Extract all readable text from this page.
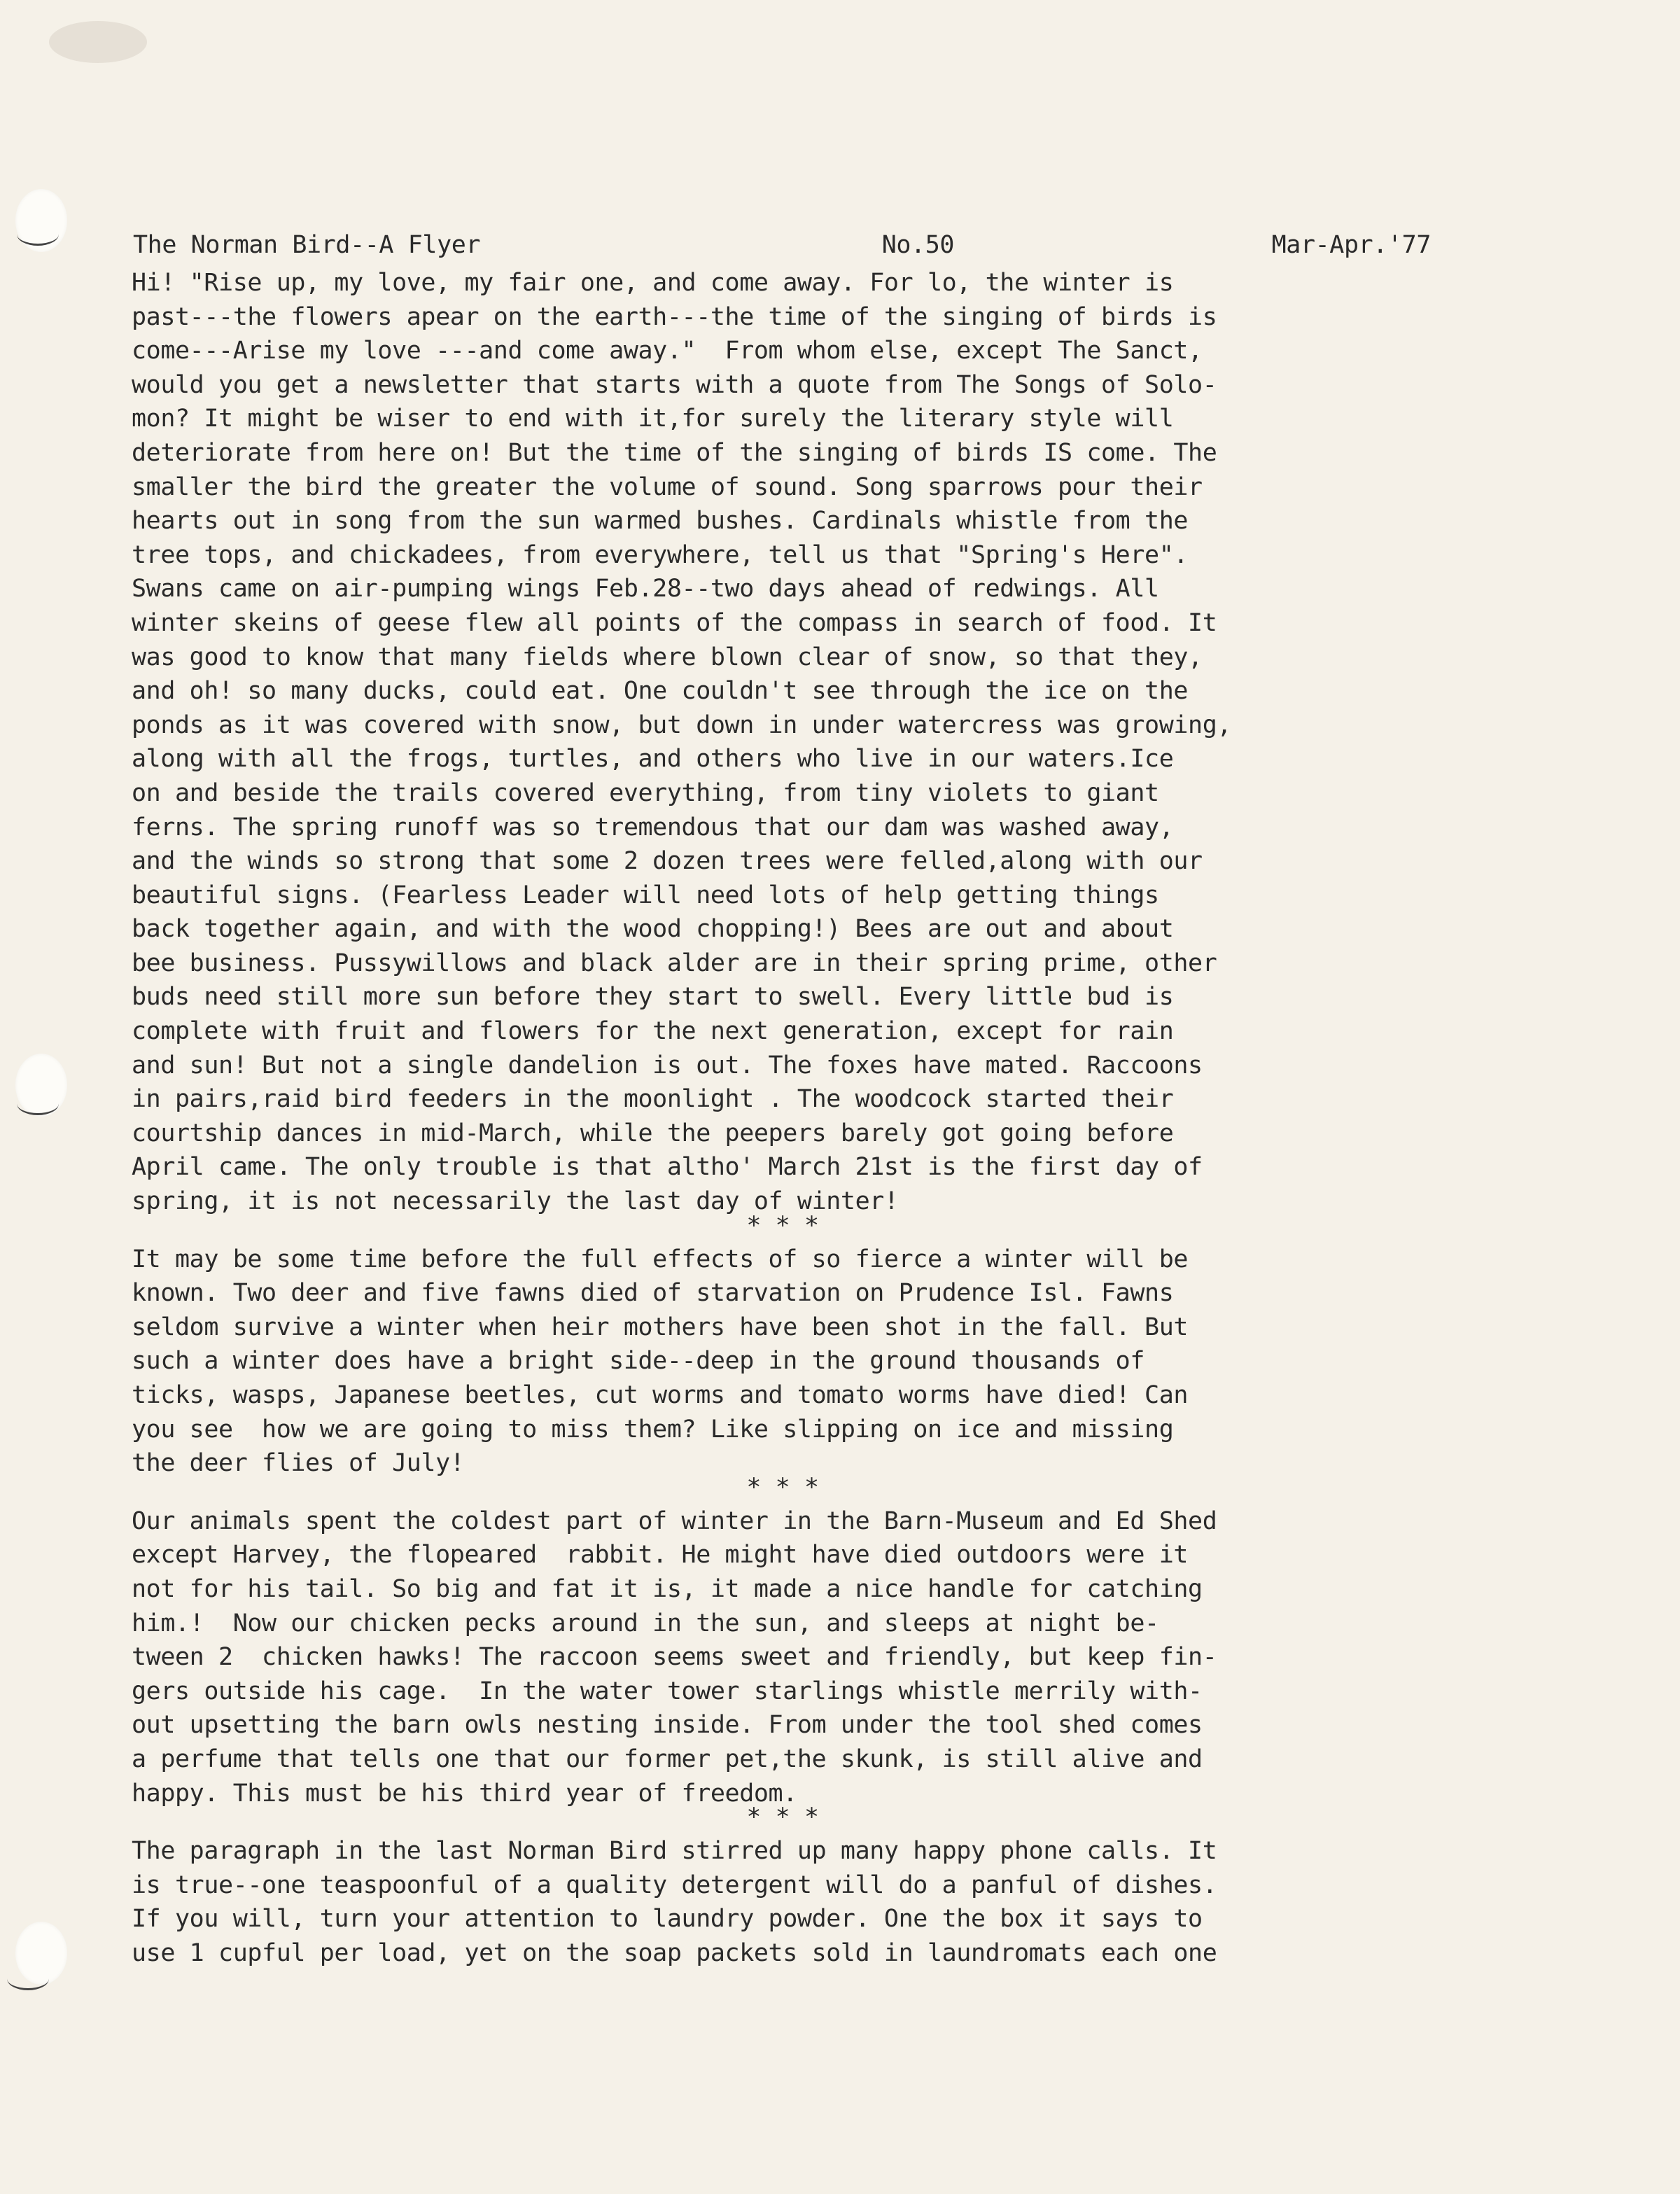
The Norman Bird--A Flyer	No.50	Mar-Apr.'77
Hi! "Rise up, my love, my fair one, and come away. For lo, the winter is
past---the flowers apear on the earth---the time of the singing of birds is
come---Arise my love ---and come away."  From whom else, except The Sanct,
would you get a newsletter that starts with a quote from The Songs of Solo-
mon? It might be wiser to end with it,for surely the literary style will
deteriorate from here on! But the time of the singing of birds IS come. The
smaller the bird the greater the volume of sound. Song sparrows pour their
hearts out in song from the sun warmed bushes. Cardinals whistle from the
tree tops, and chickadees, from everywhere, tell us that "Spring's Here".
Swans came on air-pumping wings Feb.28--two days ahead of redwings. All
winter skeins of geese flew all points of the compass in search of food. It
was good to know that many fields where blown clear of snow, so that they,
and oh! so many ducks, could eat. One couldn't see through the ice on the
ponds as it was covered with snow, but down in under watercress was growing,
along with all the frogs, turtles, and others who live in our waters.Ice
on and beside the trails covered everything, from tiny violets to giant
ferns. The spring runoff was so tremendous that our dam was washed away,
and the winds so strong that some 2 dozen trees were felled,along with our
beautiful signs. (Fearless Leader will need lots of help getting things
back together again, and with the wood chopping!) Bees are out and about
bee business. Pussywillows and black alder are in their spring prime, other
buds need still more sun before they start to swell. Every little bud is
complete with fruit and flowers for the next generation, except for rain
and sun! But not a single dandelion is out. The foxes have mated. Raccoons
in pairs,raid bird feeders in the moonlight . The woodcock started their
courtship dances in mid-March, while the peepers barely got going before
April came. The only trouble is that altho' March 21st is the first day of
spring, it is not necessarily the last day of winter!
* * *
It may be some time before the full effects of so fierce a winter will be
known. Two deer and five fawns died of starvation on Prudence Isl. Fawns
seldom survive a winter when heir mothers have been shot in the fall. But
such a winter does have a bright side--deep in the ground thousands of
ticks, wasps, Japanese beetles, cut worms and tomato worms have died! Can
you see  how we are going to miss them? Like slipping on ice and missing
the deer flies of July!
* * *
Our animals spent the coldest part of winter in the Barn-Museum and Ed Shed
except Harvey, the flopeared  rabbit. He might have died outdoors were it
not for his tail. So big and fat it is, it made a nice handle for catching
him.!  Now our chicken pecks around in the sun, and sleeps at night be-
tween 2  chicken hawks! The raccoon seems sweet and friendly, but keep fin-
gers outside his cage.  In the water tower starlings whistle merrily with-
out upsetting the barn owls nesting inside. From under the tool shed comes
a perfume that tells one that our former pet,the skunk, is still alive and
happy. This must be his third year of freedom.
* * *
The paragraph in the last Norman Bird stirred up many happy phone calls. It
is true--one teaspoonful of a quality detergent will do a panful of dishes.
If you will, turn your attention to laundry powder. One the box it says to
use 1 cupful per load, yet on the soap packets sold in laundromats each one
